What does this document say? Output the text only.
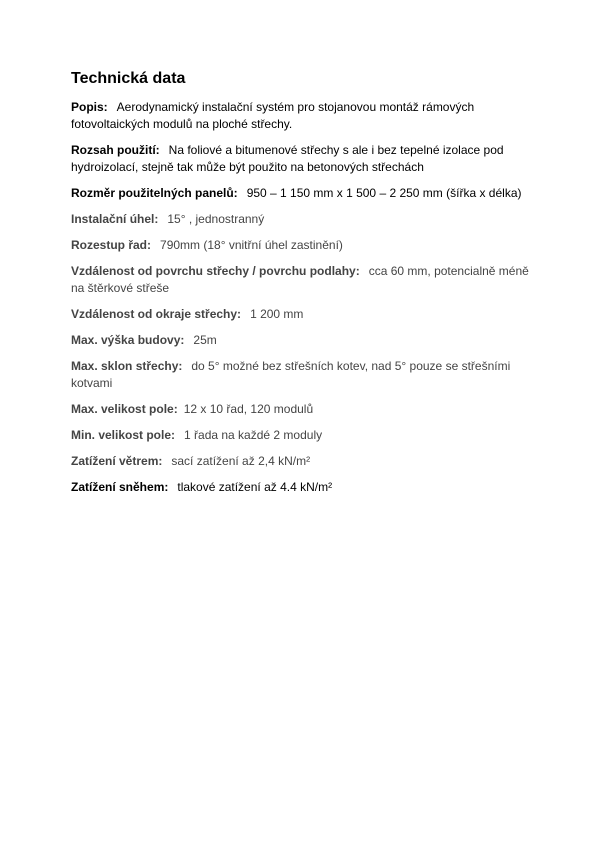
Technická data

Popis: Aerodynamický instalační systém pro stojanovou montáž rámových fotovoltaických modulů na ploché střechy.

Rozsah použití: Na foliové a bitumenové střechy s ale i bez tepelné izolace pod hydroizolací, stejně tak může být použito na betonových střechách

Rozměr použitelných panelů: 950 – 1 150 mm x 1 500 – 2 250 mm (šířka x délka)

Instalační úhel: 15° , jednostranný

Rozestup řad: 790mm (18° vnitřní úhel zastinění)

Vzdálenost od povrchu střechy / povrchu podlahy: cca 60 mm, potencialně méně na štěrkové střeše

Vzdálenost od okraje střechy: 1 200 mm

Max. výška budovy: 25m

Max. sklon střechy: do 5° možné bez střešních kotev, nad 5° pouze se střešními kotvami

Max. velikost pole: 12 x 10 řad, 120 modulů

Min. velikost pole: 1 řada na každé 2 moduly

Zatížení větrem: sací zatížení až 2,4 kN/m²

Zatížení sněhem: tlakové zatížení až 4.4 kN/m²
